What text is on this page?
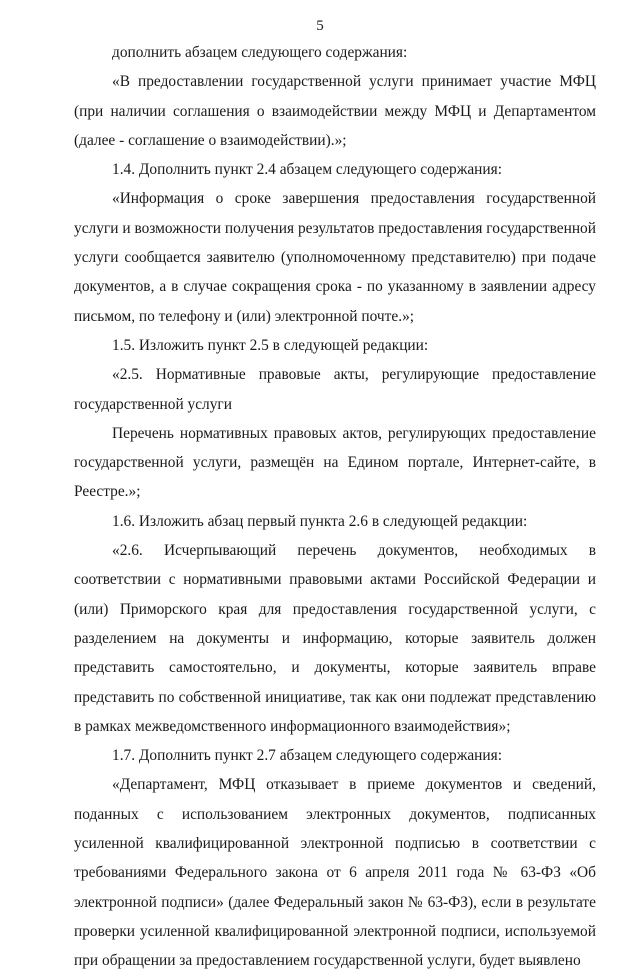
5

дополнить абзацем следующего содержания:

«В предоставлении государственной услуги принимает участие МФЦ (при наличии соглашения о взаимодействии между МФЦ и Департаментом (далее - соглашение о взаимодействии).»;

1.4. Дополнить пункт 2.4 абзацем следующего содержания:

«Информация о сроке завершения предоставления государственной услуги и возможности получения результатов предоставления государственной услуги сообщается заявителю (уполномоченному представителю) при подаче документов, а в случае сокращения срока - по указанному в заявлении адресу письмом, по телефону и (или) электронной почте.»;

1.5. Изложить пункт 2.5 в следующей редакции:

«2.5. Нормативные правовые акты, регулирующие предоставление государственной услуги

Перечень нормативных правовых актов, регулирующих предоставление государственной услуги, размещён на Едином портале, Интернет-сайте, в Реестре.»;

1.6. Изложить абзац первый пункта 2.6 в следующей редакции:

«2.6. Исчерпывающий перечень документов, необходимых в соответствии с нормативными правовыми актами Российской Федерации и (или) Приморского края для предоставления государственной услуги, с разделением на документы и информацию, которые заявитель должен представить самостоятельно, и документы, которые заявитель вправе представить по собственной инициативе, так как они подлежат представлению в рамках межведомственного информационного взаимодействия»;

1.7. Дополнить пункт 2.7 абзацем следующего содержания:

«Департамент, МФЦ отказывает в приеме документов и сведений, поданных с использованием электронных документов, подписанных усиленной квалифицированной электронной подписью в соответствии с требованиями Федерального закона от 6 апреля 2011 года № 63-ФЗ «Об электронной подписи» (далее Федеральный закон № 63-ФЗ), если в результате проверки усиленной квалифицированной электронной подписи, используемой при обращении за предоставлением государственной услуги, будет выявлено
